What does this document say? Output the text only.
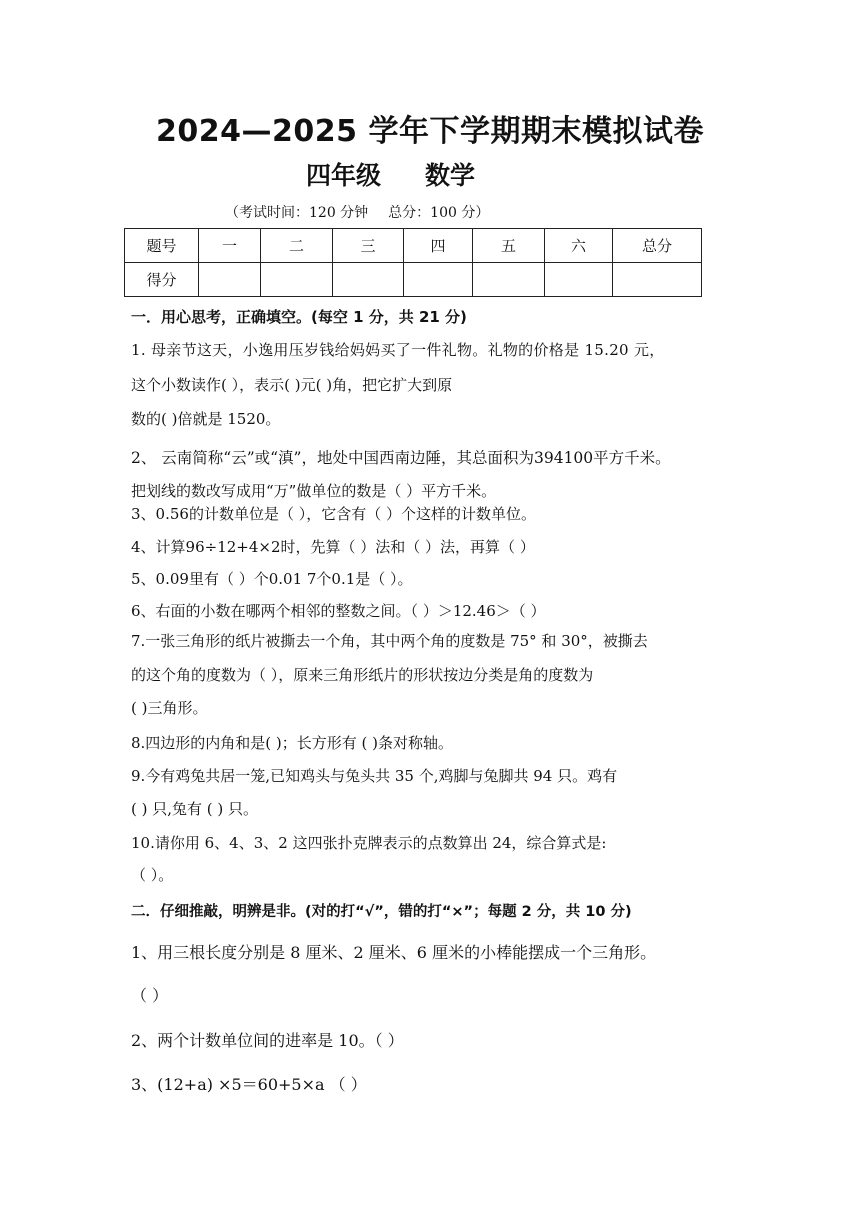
2024—2025 学年下学期期末模拟试卷
四年级 数学
（考试时间：120 分钟 总分：100 分）
题号	一	二	三	四	五	六	总分
得分							
一．用心思考，正确填空。(每空 1 分，共 21 分)
1. 母亲节这天，小逸用压岁钱给妈妈买了一件礼物。礼物的价格是 15.20 元，
这个小数读作( ），表示( )元( )角，把它扩大到原
数的( )倍就是 1520。
2、 云南简称“云”或“滇”，地处中国西南边陲，其总面积为394100平方千米。
把划线的数改写成用“万”做单位的数是（ ）平方千米。
3、0.56的计数单位是（ ），它含有（ ）个这样的计数单位。
4、计算96÷12+4×2时，先算（ ）法和（ ）法，再算（ ）
5、0.09里有（ ）个0.01 7个0.1是（ ）。
6、右面的小数在哪两个相邻的整数之间。（ ）＞12.46＞（ ）
7.一张三角形的纸片被撕去一个角，其中两个角的度数是 75° 和 30°，被撕去
的这个角的度数为（ ），原来三角形纸片的形状按边分类是角的度数为
( )三角形。
8.四边形的内角和是( )；长方形有 ( )条对称轴。
9.今有鸡兔共居一笼,已知鸡头与兔头共 35 个,鸡脚与兔脚共 94 只。鸡有
( ) 只,兔有 ( ) 只。
10.请你用 6、4、3、2 这四张扑克牌表示的点数算出 24，综合算式是:
（ ）。
二．仔细推敲，明辨是非。(对的打“√”，错的打“×”；每题 2 分，共 10 分)
1、用三根长度分别是 8 厘米、2 厘米、6 厘米的小棒能摆成一个三角形。
（ ）
2、两个计数单位间的进率是 10。（ ）
3、(12+a) ×5＝60+5×a （ ）
